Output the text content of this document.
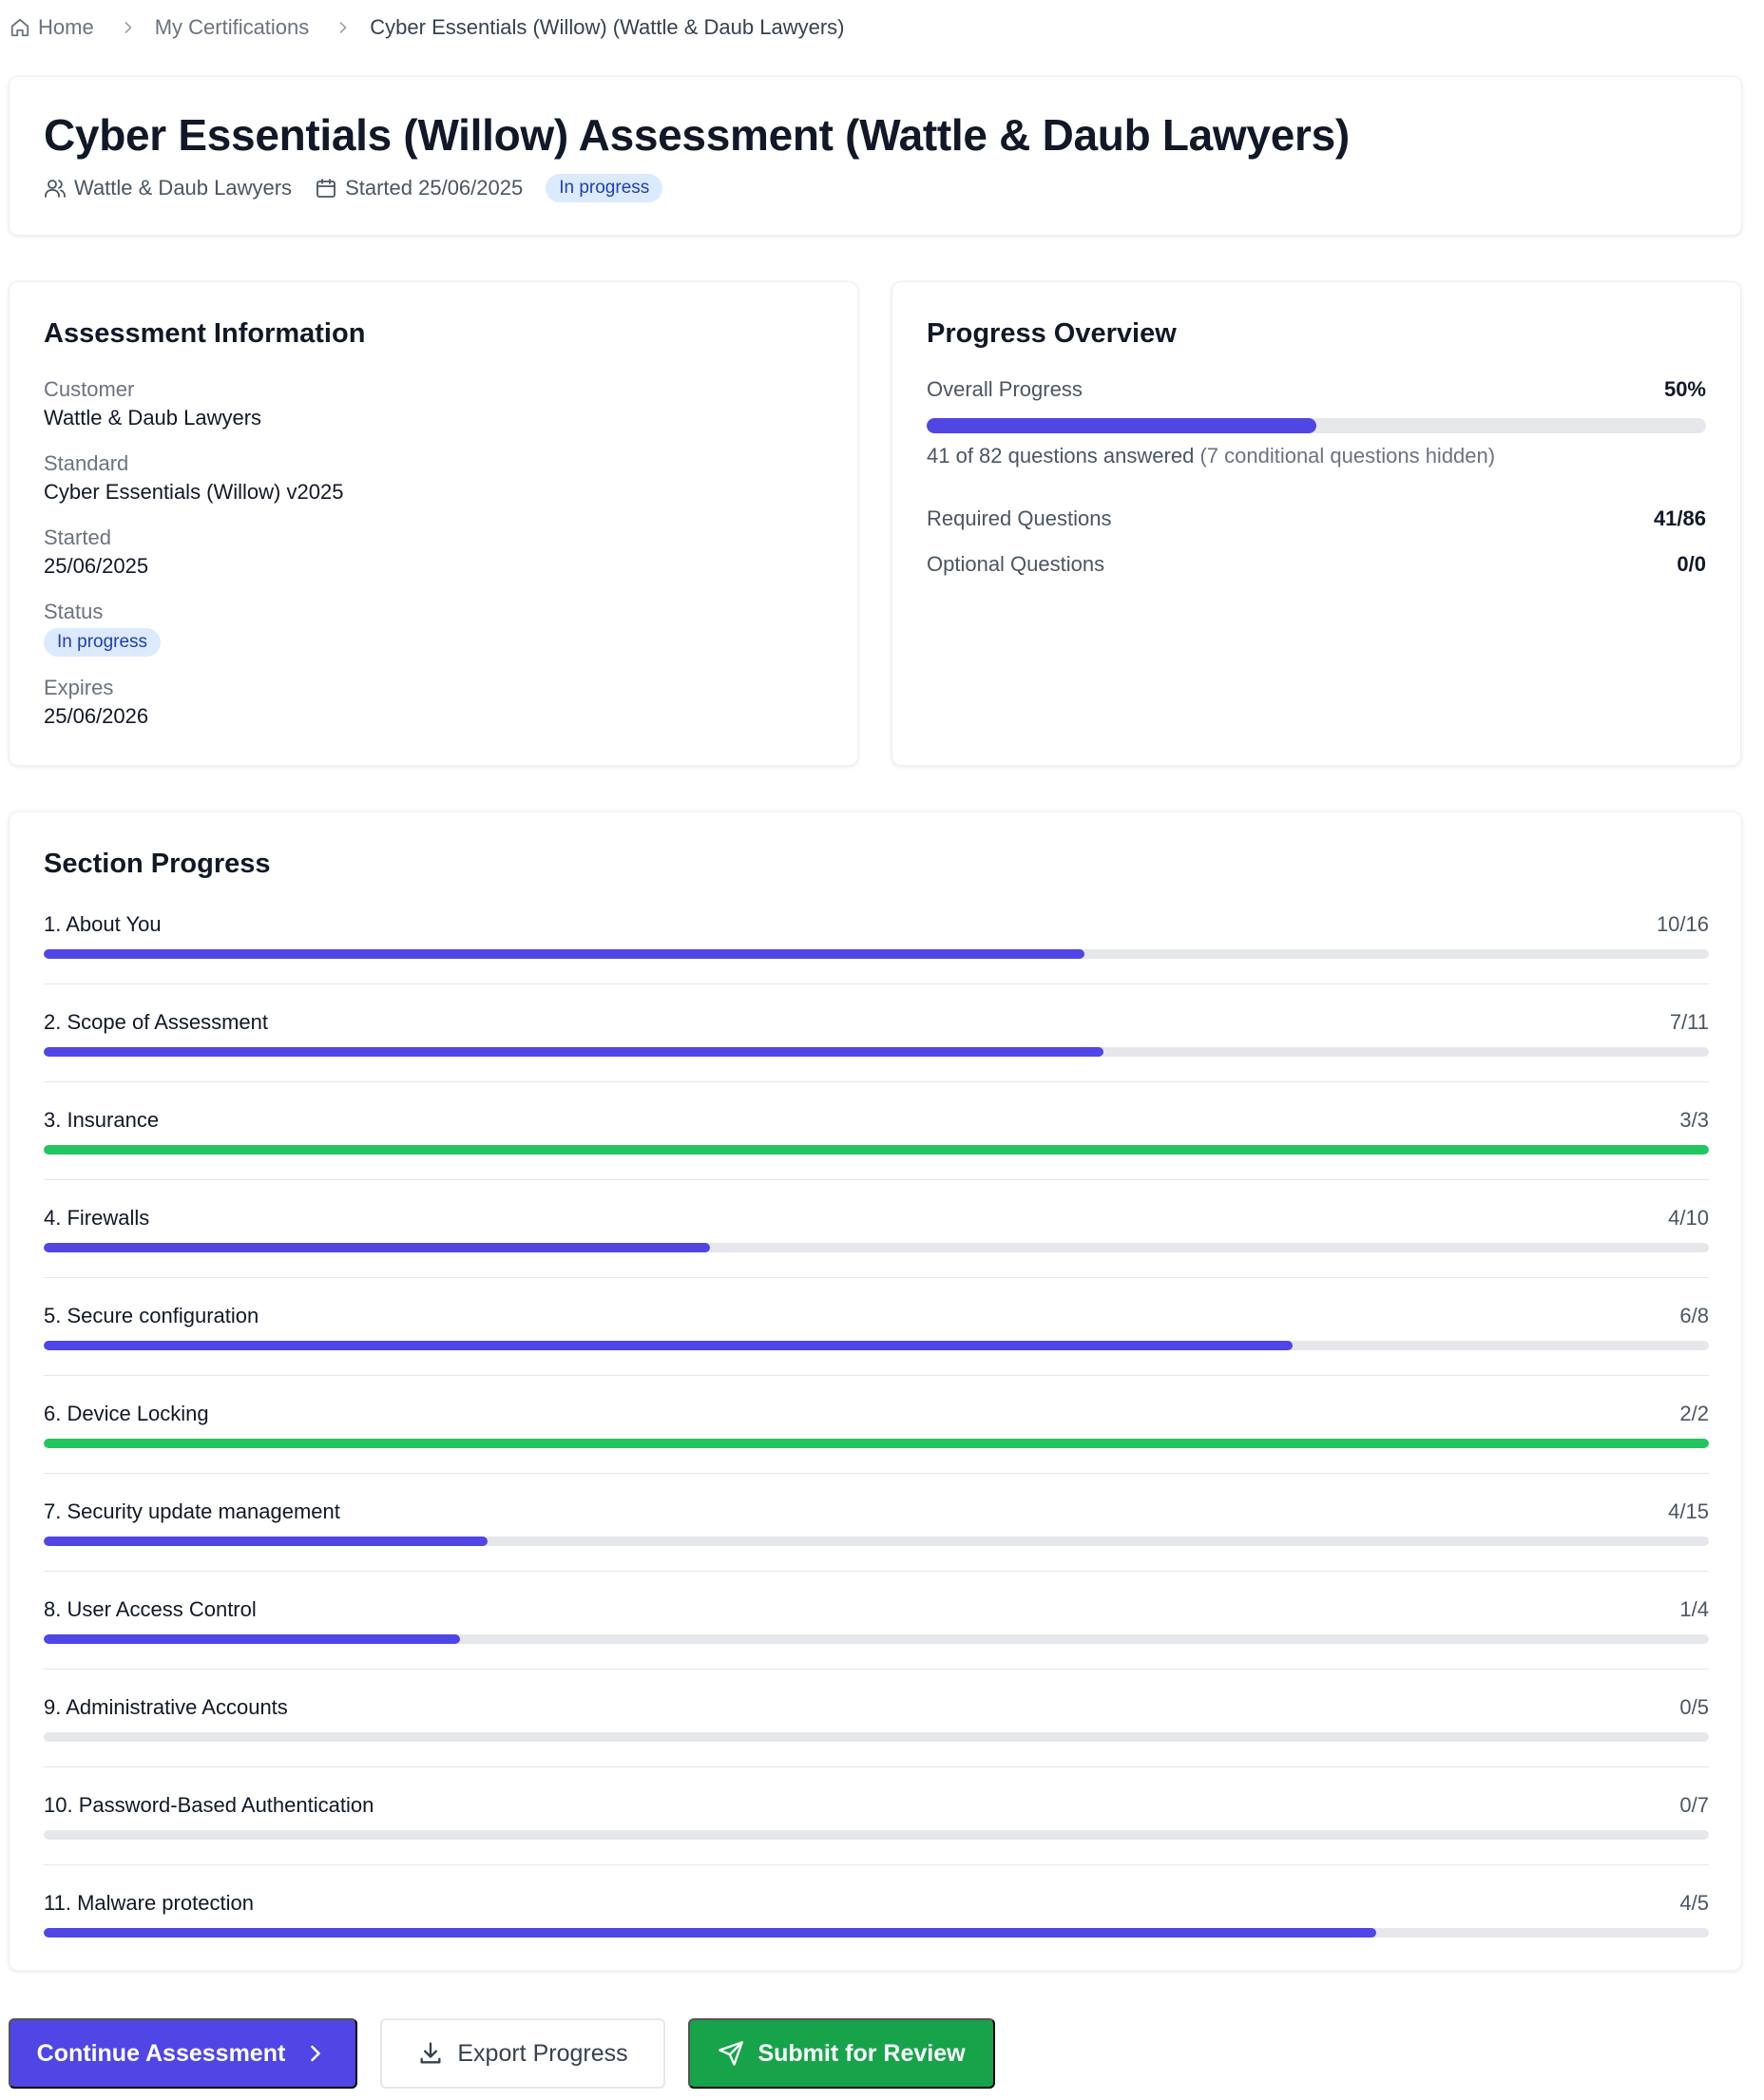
Home	My Certifications	Cyber Essentials (Willow) (Wattle & Daub Lawyers)
Cyber Essentials (Willow) Assessment (Wattle & Daub Lawyers)
Wattle & Daub Lawyers	Started 25/06/2025	In progress
Assessment Information
Customer
Wattle & Daub Lawyers
Standard
Cyber Essentials (Willow) v2025
Started
25/06/2025
Status
In progress
Expires
25/06/2026
Progress Overview
Overall Progress	50%
41 of 82 questions answered (7 conditional questions hidden)
Required Questions	41/86
Optional Questions	0/0
Section Progress
1. About You	10/16
2. Scope of Assessment	7/11
3. Insurance	3/3
4. Firewalls	4/10
5. Secure configuration	6/8
6. Device Locking	2/2
7. Security update management	4/15
8. User Access Control	1/4
9. Administrative Accounts	0/5
10. Password-Based Authentication	0/7
11. Malware protection	4/5
Continue Assessment	Export Progress	Submit for Review
